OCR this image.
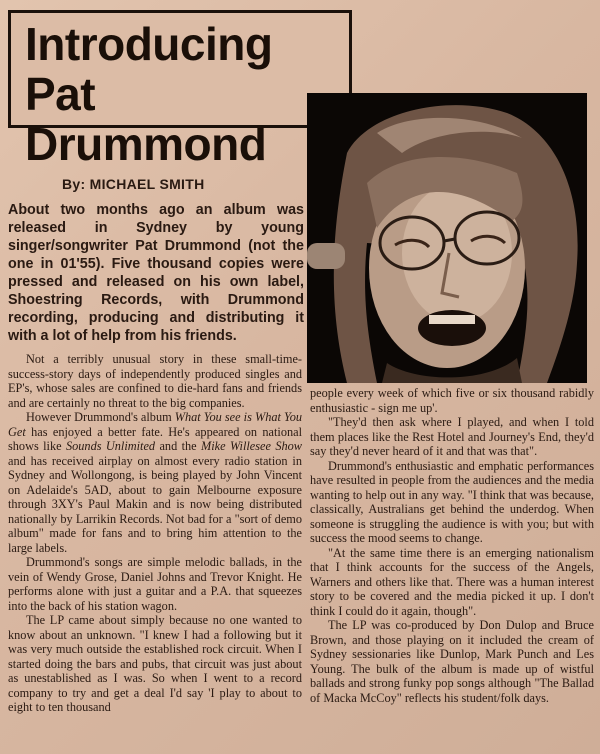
Introducing
Pat Drummond
By: MICHAEL SMITH
About two months ago an album was released in Sydney by young singer/songwriter Pat Drummond (not the one in 01'55). Five thousand copies were pressed and released on his own label, Shoestring Records, with Drummond recording, producing and distributing it with a lot of help from his friends.

Not a terribly unusual story in these small-time-success-story days of independently produced singles and EP's, whose sales are confined to die-hard fans and friends and are certainly no threat to the big companies.

However Drummond's album What You see is What You Get has enjoyed a better fate. He's appeared on national shows like Sounds Unlimited and the Mike Willesee Show and has received airplay on almost every radio station in Sydney and Wollongong, is being played by John Vincent on Adelaide's 5AD, about to gain Melbourne exposure through 3XY's Paul Makin and is now being distributed nationally by Larrikin Records. Not bad for a "sort of demo album" made for fans and to bring him attention to the large labels.

Drummond's songs are simple melodic ballads, in the vein of Wendy Grose, Daniel Johns and Trevor Knight. He performs alone with just a guitar and a P.A. that squeezes into the back of his station wagon.

The LP came about simply because no one wanted to know about an unknown. "I knew I had a following but it was very much outside the established rock circuit. When I started doing the bars and pubs, that circuit was just about as unestablished as I was. So when I went to a record company to try and get a deal I'd say 'I play to about to eight to ten thousand

people every week of which five or six thousand rabidly enthusiastic - sign me up'.

"They'd then ask where I played, and when I told them places like the Rest Hotel and Journey's End, they'd say they'd never heard of it and that was that".

Drummond's enthusiastic and emphatic performances have resulted in people from the audiences and the media wanting to help out in any way. "I think that was because, classically, Australians get behind the underdog. When someone is struggling the audience is with you; but with success the mood seems to change.

"At the same time there is an emerging nationalism that I think accounts for the success of the Angels, Warners and others like that. There was a human interest story to be covered and the media picked it up. I don't think I could do it again, though".

The LP was co-produced by Don Dulop and Bruce Brown, and those playing on it included the cream of Sydney sessionaries like Dunlop, Mark Punch and Les Young. The bulk of the album is made up of wistful ballads and strong funky pop songs although "The Ballad of Macka McCoy" reflects his student/folk days.
